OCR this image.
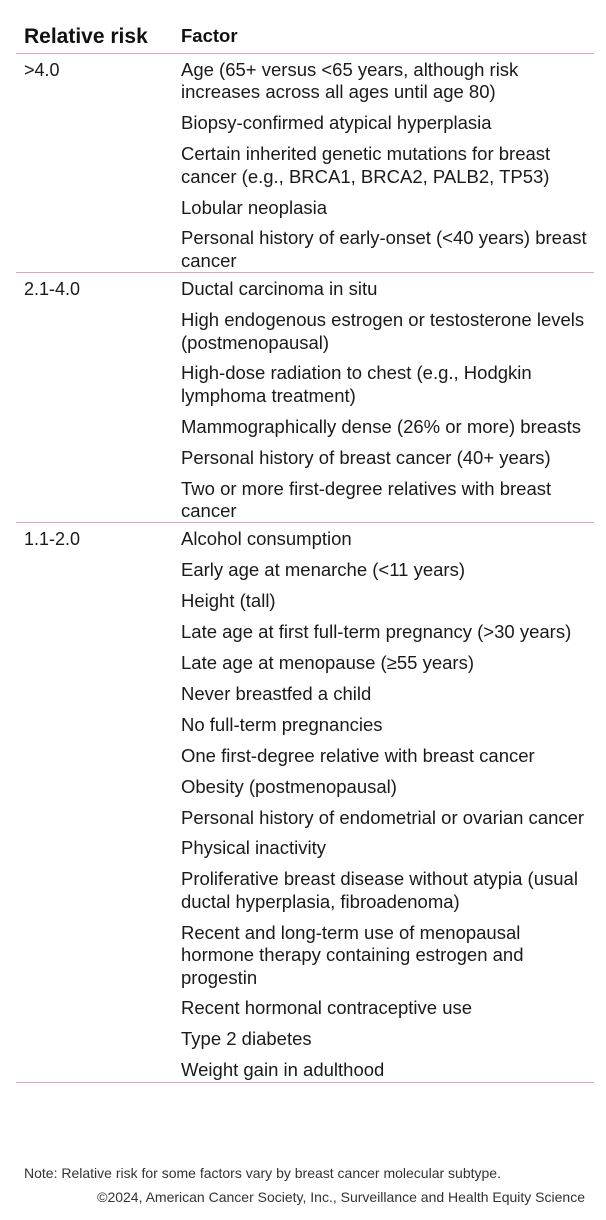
Relative risk Factor
>4.0	Age (65+ versus <65 years, although risk increases across all ages until age 80)
Biopsy-confirmed atypical hyperplasia
Certain inherited genetic mutations for breast cancer (e.g., BRCA1, BRCA2, PALB2, TP53)
Lobular neoplasia
Personal history of early-onset (<40 years) breast cancer
2.1-4.0	Ductal carcinoma in situ
High endogenous estrogen or testosterone levels (postmenopausal)
High-dose radiation to chest (e.g., Hodgkin lymphoma treatment)
Mammographically dense (26% or more) breasts
Personal history of breast cancer (40+ years)
Two or more first-degree relatives with breast cancer
1.1-2.0	Alcohol consumption
Early age at menarche (<11 years)
Height (tall)
Late age at first full-term pregnancy (>30 years)
Late age at menopause (≥55 years)
Never breastfed a child
No full-term pregnancies
One first-degree relative with breast cancer
Obesity (postmenopausal)
Personal history of endometrial or ovarian cancer
Physical inactivity
Proliferative breast disease without atypia (usual ductal hyperplasia, fibroadenoma)
Recent and long-term use of menopausal hormone therapy containing estrogen and progestin
Recent hormonal contraceptive use
Type 2 diabetes
Weight gain in adulthood
Note: Relative risk for some factors vary by breast cancer molecular subtype.
©2024, American Cancer Society, Inc., Surveillance and Health Equity Science
